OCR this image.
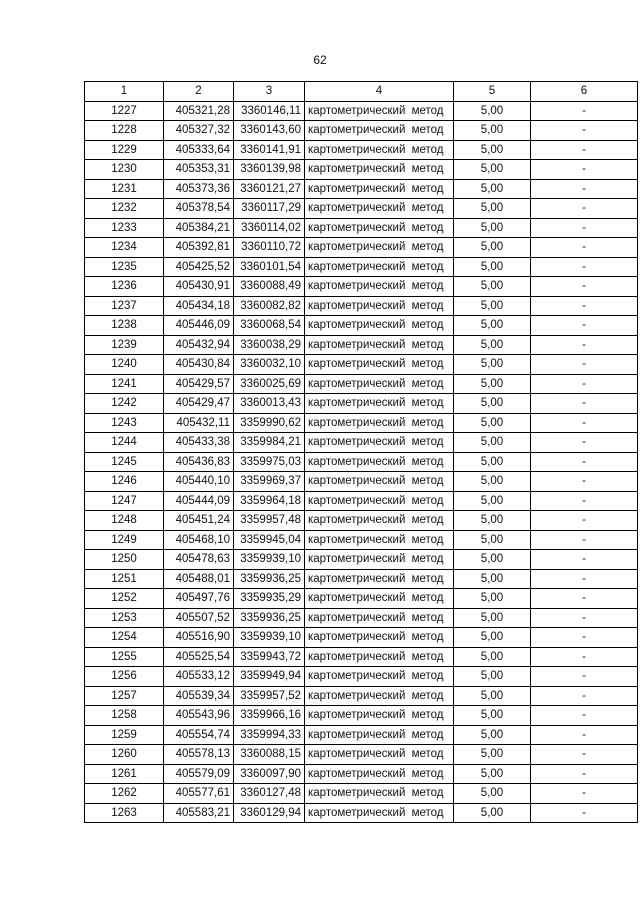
62
1	2	3	4	5	6
1227	405321,28	3360146,11	картометрический метод	5,00	-
1228	405327,32	3360143,60	картометрический метод	5,00	-
1229	405333,64	3360141,91	картометрический метод	5,00	-
1230	405353,31	3360139,98	картометрический метод	5,00	-
1231	405373,36	3360121,27	картометрический метод	5,00	-
1232	405378,54	3360117,29	картометрический метод	5,00	-
1233	405384,21	3360114,02	картометрический метод	5,00	-
1234	405392,81	3360110,72	картометрический метод	5,00	-
1235	405425,52	3360101,54	картометрический метод	5,00	-
1236	405430,91	3360088,49	картометрический метод	5,00	-
1237	405434,18	3360082,82	картометрический метод	5,00	-
1238	405446,09	3360068,54	картометрический метод	5,00	-
1239	405432,94	3360038,29	картометрический метод	5,00	-
1240	405430,84	3360032,10	картометрический метод	5,00	-
1241	405429,57	3360025,69	картометрический метод	5,00	-
1242	405429,47	3360013,43	картометрический метод	5,00	-
1243	405432,11	3359990,62	картометрический метод	5,00	-
1244	405433,38	3359984,21	картометрический метод	5,00	-
1245	405436,83	3359975,03	картометрический метод	5,00	-
1246	405440,10	3359969,37	картометрический метод	5,00	-
1247	405444,09	3359964,18	картометрический метод	5,00	-
1248	405451,24	3359957,48	картометрический метод	5,00	-
1249	405468,10	3359945,04	картометрический метод	5,00	-
1250	405478,63	3359939,10	картометрический метод	5,00	-
1251	405488,01	3359936,25	картометрический метод	5,00	-
1252	405497,76	3359935,29	картометрический метод	5,00	-
1253	405507,52	3359936,25	картометрический метод	5,00	-
1254	405516,90	3359939,10	картометрический метод	5,00	-
1255	405525,54	3359943,72	картометрический метод	5,00	-
1256	405533,12	3359949,94	картометрический метод	5,00	-
1257	405539,34	3359957,52	картометрический метод	5,00	-
1258	405543,96	3359966,16	картометрический метод	5,00	-
1259	405554,74	3359994,33	картометрический метод	5,00	-
1260	405578,13	3360088,15	картометрический метод	5,00	-
1261	405579,09	3360097,90	картометрический метод	5,00	-
1262	405577,61	3360127,48	картометрический метод	5,00	-
1263	405583,21	3360129,94	картометрический метод	5,00	-
